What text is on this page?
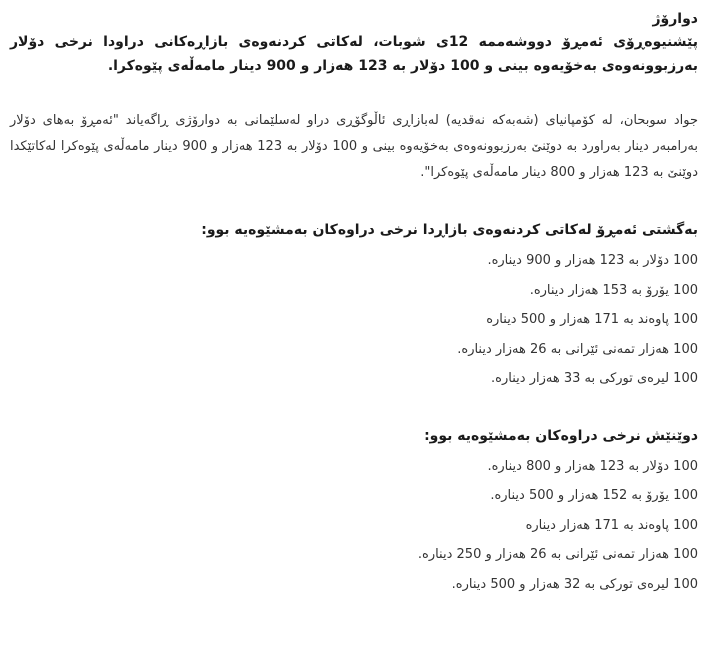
دوارۆژ

پێشنیوەڕۆی ئەمڕۆ دووشەممە 12ی شوبات، لەکاتی کردنەوەی بازاڕەکانی دراودا نرخی دۆلار بەرزبوونەوەی بەخۆیەوە بینی و 100 دۆلار بە 123 هەزار و 900 دینار مامەڵەی پێوەکرا.

جواد سوبحان، لە کۆمپانیای (شەبەکە نەقدیە) لەبازاڕی ئاڵوگۆڕی دراو لەسلێمانی بە دوارۆژی ڕاگەیاند "ئەمڕۆ بەهای دۆلار بەرامبەر دینار بەراورد بە دوێنێ بەرزبوونەوەی بەخۆیەوە بینی و 100 دۆلار بە 123 هەزار و 900 دینار مامەڵەی پێوەکرا لەکاتێکدا دوێنێ بە 123 هەزار و 800 دینار مامەڵەی پێوەکرا".

بەگشتی ئەمڕۆ لەکاتی کردنەوەی بازاڕدا نرخی دراوەکان بەمشێوەیە بوو:
100 دۆلار بە 123 هەزار و 900 دینارە.
100 یۆرۆ بە 153 هەزار دینارە.
100 پاوەند بە 171 هەزار و 500 دینارە
100 هەزار تمەنی ئێرانی بە 26 هەزار دینارە.
100 لیرەی تورکی بە 33 هەزار دینارە.
دوێنێش نرخی دراوەکان بەمشێوەیە بوو:
100 دۆلار بە 123 هەزار و 800 دینارە.
100 یۆرۆ بە 152 هەزار و 500 دینارە.
100 پاوەند بە 171 هەزار دینارە
100 هەزار تمەنی ئێرانی بە 26 هەزار و 250 دینارە.
100 لیرەی تورکی بە 32 هەزار و 500 دینارە.
